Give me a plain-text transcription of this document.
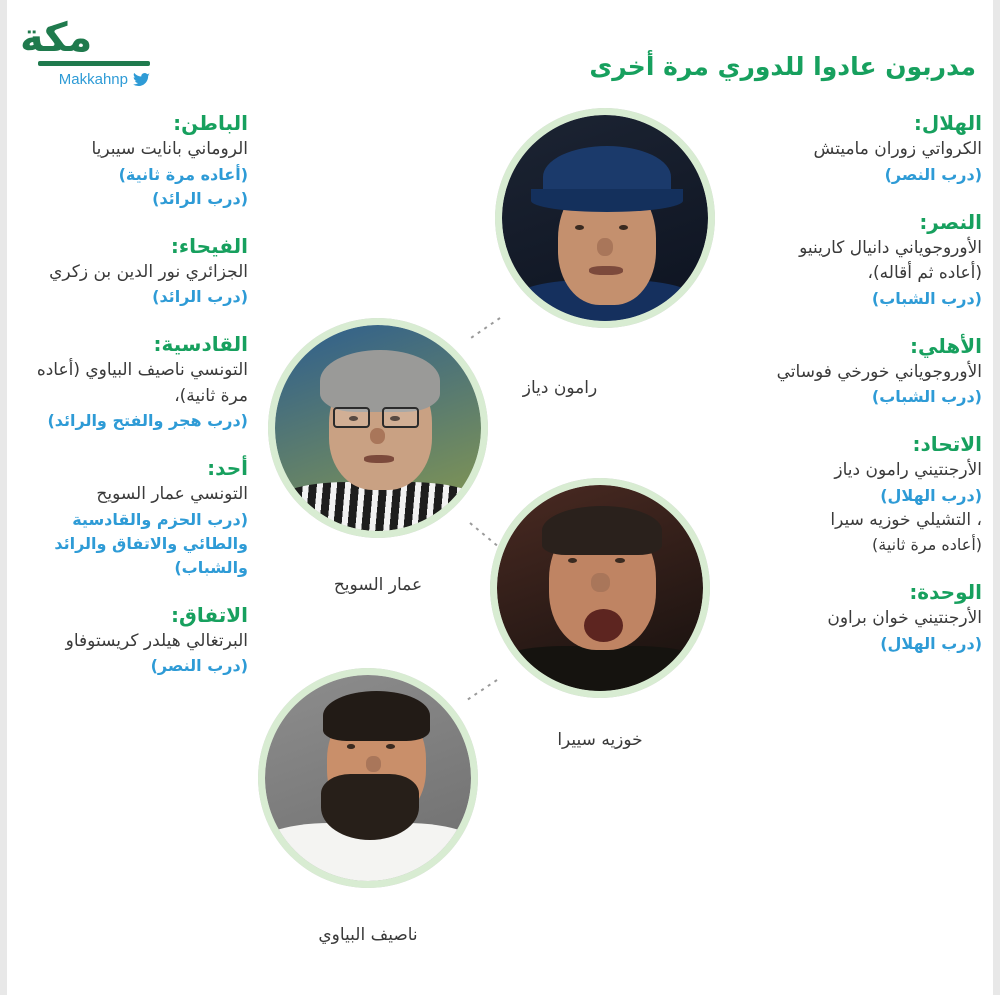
مكة
Makkahnp	مدربون عادوا للدوري مرة أخرى
الهلال:
الكرواتي زوران ماميتش
(درب النصر)
النصر:
الأوروجوياني دانيال كارينيو (أعاده ثم أقاله)،
(درب الشباب)
الأهلي:
الأوروجوياني خورخي فوساتي
(درب الشباب)
الاتحاد:
الأرجنتيني رامون دياز
(درب الهلال)
، التشيلي خوزيه سيرا
(أعاده مرة ثانية)
الوحدة:
الأرجنتيني خوان براون
(درب الهلال)
الباطن:
الروماني بانايت سيبريا
(أعاده مرة ثانية)
(درب الرائد)
الفيحاء:
الجزائري نور الدين بن زكري
(درب الرائد)
القادسية:
التونسي ناصيف البياوي (أعاده مرة ثانية)،
(درب هجر والفتح والرائد)
أحد:
التونسي عمار السويح
(درب الحزم والقادسية والطائي والاتفاق والرائد والشباب)
الاتفاق:
البرتغالي هيلدر كريستوفاو
(درب النصر)
رامون دياز
عمار السويح
خوزيه سييرا
ناصيف البياوي
